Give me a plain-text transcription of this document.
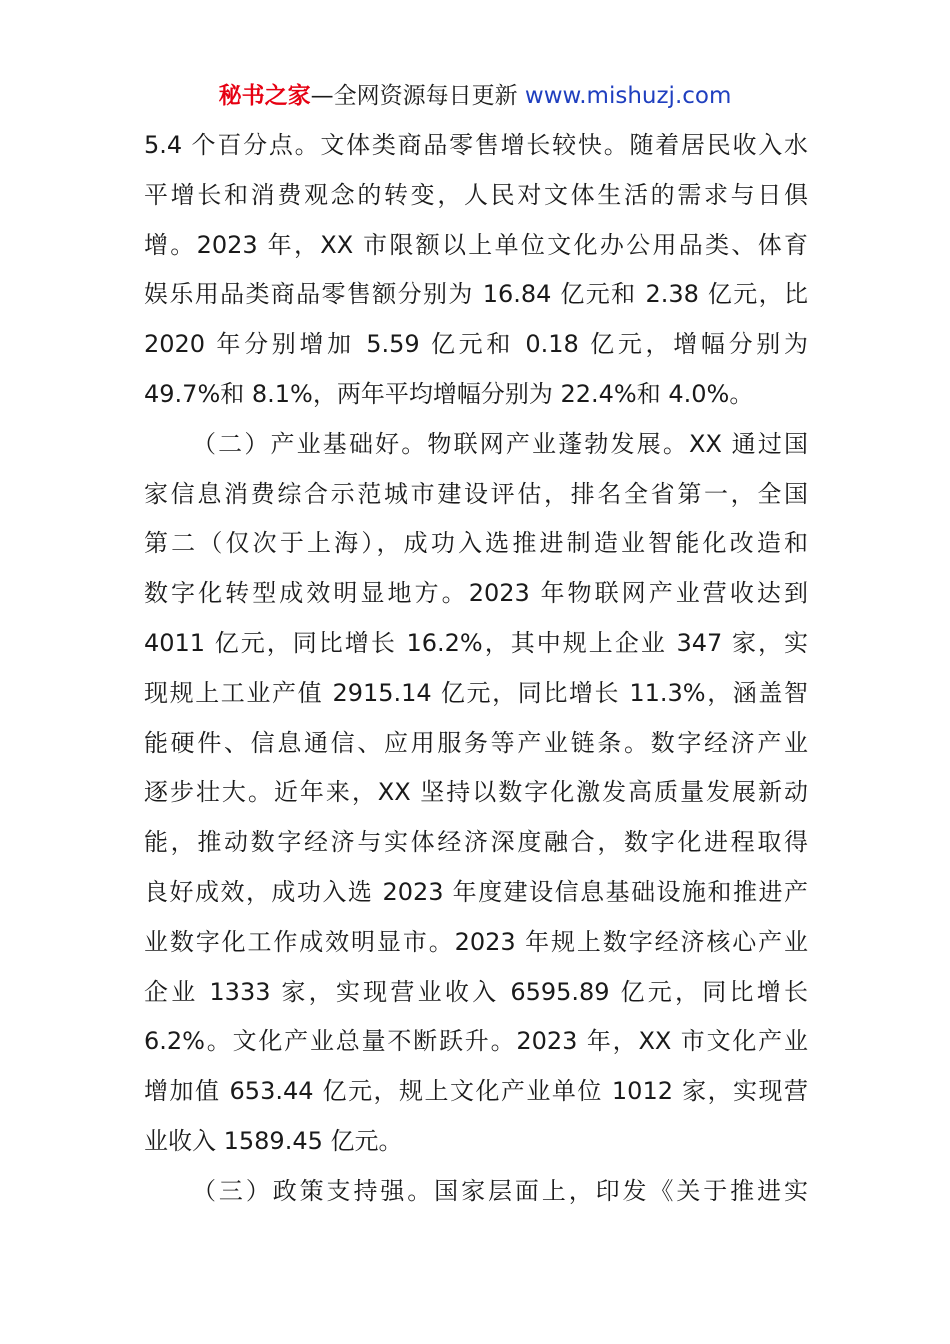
秘书之家—全网资源每日更新 www.mishuzj.com
5.4 个百分点。文体类商品零售增长较快。随着居民收入水
平增长和消费观念的转变，人民对文体生活的需求与日俱
增。2023 年，XX 市限额以上单位文化办公用品类、体育
娱乐用品类商品零售额分别为 16.84 亿元和 2.38 亿元，比
2020 年分别增加 5.59 亿元和 0.18 亿元，增幅分别为
49.7%和 8.1%，两年平均增幅分别为 22.4%和 4.0%。
（二）产业基础好。物联网产业蓬勃发展。XX 通过国
家信息消费综合示范城市建设评估，排名全省第一，全国
第二（仅次于上海），成功入选推进制造业智能化改造和
数字化转型成效明显地方。2023 年物联网产业营收达到
4011 亿元，同比增长 16.2%，其中规上企业 347 家，实
现规上工业产值 2915.14 亿元，同比增长 11.3%，涵盖智
能硬件、信息通信、应用服务等产业链条。数字经济产业
逐步壮大。近年来，XX 坚持以数字化激发高质量发展新动
能，推动数字经济与实体经济深度融合，数字化进程取得
良好成效，成功入选 2023 年度建设信息基础设施和推进产
业数字化工作成效明显市。2023 年规上数字经济核心产业
企业 1333 家，实现营业收入 6595.89 亿元，同比增长
6.2%。文化产业总量不断跃升。2023 年，XX 市文化产业
增加值 653.44 亿元，规上文化产业单位 1012 家，实现营
业收入 1589.45 亿元。
（三）政策支持强。国家层面上，印发《关于推进实
